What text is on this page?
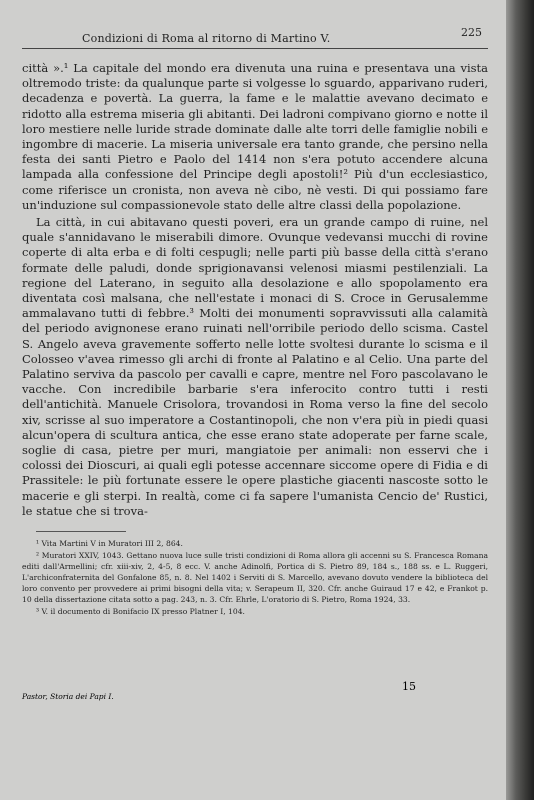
Condizioni di Roma al ritorno di Martino V.	225

città ».¹ La capitale del mondo era divenuta una ruina e presentava una vista oltremodo triste: da qualunque parte si volgesse lo sguardo, apparivano ruderi, decadenza e povertà. La guerra, la fame e le malattie avevano decimato e ridotto alla estrema miseria gli abitanti. Dei ladroni compivano giorno e notte il loro mestiere nelle luride strade dominate dalle alte torri delle famiglie nobili e ingombre di macerie. La miseria universale era tanto grande, che persino nella festa dei santi Pietro e Paolo del 1414 non s'era potuto accendere alcuna lampada alla confessione del Principe degli apostoli!² Più d'un ecclesiastico, come riferisce un cronista, non aveva nè cibo, nè vesti. Di qui possiamo fare un'induzione sul compassionevole stato delle altre classi della popolazione.

La città, in cui abitavano questi poveri, era un grande campo di ruine, nel quale s'annidavano le miserabili dimore. Ovunque vedevansi mucchi di rovine coperte di alta erba e di folti cespugli; nelle parti più basse della città s'erano formate delle paludi, donde sprigionavansi velenosi miasmi pestilenziali. La regione del Laterano, in seguito alla desolazione e allo spopolamento era diventata così malsana, che nell'estate i monaci di S. Croce in Gerusalemme ammalavano tutti di febbre.³ Molti dei monumenti sopravvissuti alla calamità del periodo avignonese erano ruinati nell'orribile periodo dello scisma. Castel S. Angelo aveva gravemente sofferto nelle lotte svoltesi durante lo scisma e il Colosseo v'avea rimesso gli archi di fronte al Palatino e al Celio. Una parte del Palatino serviva da pascolo per cavalli e capre, mentre nel Foro pascolavano le vacche. Con incredibile barbarie s'era inferocito contro tutti i resti dell'antichità. Manuele Crisolora, trovandosi in Roma verso la fine del secolo xiv, scrisse al suo imperatore a Costantinopoli, che non v'era più in piedi quasi alcun'opera di scultura antica, che esse erano state adoperate per farne scale, soglie di casa, pietre per muri, mangiatoie per animali: non esservi che i colossi dei Dioscuri, ai quali egli potesse accennare siccome opere di Fidia e di Prassitele: le più fortunate essere le opere plastiche giacenti nascoste sotto le macerie e gli sterpi. In realtà, come ci fa sapere l'umanista Cencio de' Rustici, le statue che si trova-

¹ Vita Martini V in Muratori III 2, 864.

² Muratori XXIV, 1043. Gettano nuova luce sulle tristi condizioni di Roma allora gli accenni su S. Francesca Romana editi dall'Armellini; cfr. xiii-xiv, 2, 4-5, 8 ecc. V. anche Adinolfi, Portica di S. Pietro 89, 184 s., 188 ss. e L. Ruggeri, L'archiconfraternita del Gonfalone 85, n. 8. Nel 1402 i Serviti di S. Marcello, avevano dovuto vendere la biblioteca del loro convento per provvedere ai primi bisogni della vita; v. Serapeum II, 320. Cfr. anche Guiraud 17 e 42, e Frankot p. 10 della dissertazione citata sotto a pag. 243, n. 3. Cfr. Ehrle, L'oratorio di S. Pietro, Roma 1924, 33.

³ V. il documento di Bonifacio IX presso Platner I, 104.

Pastor, Storia dei Papi I.
15
